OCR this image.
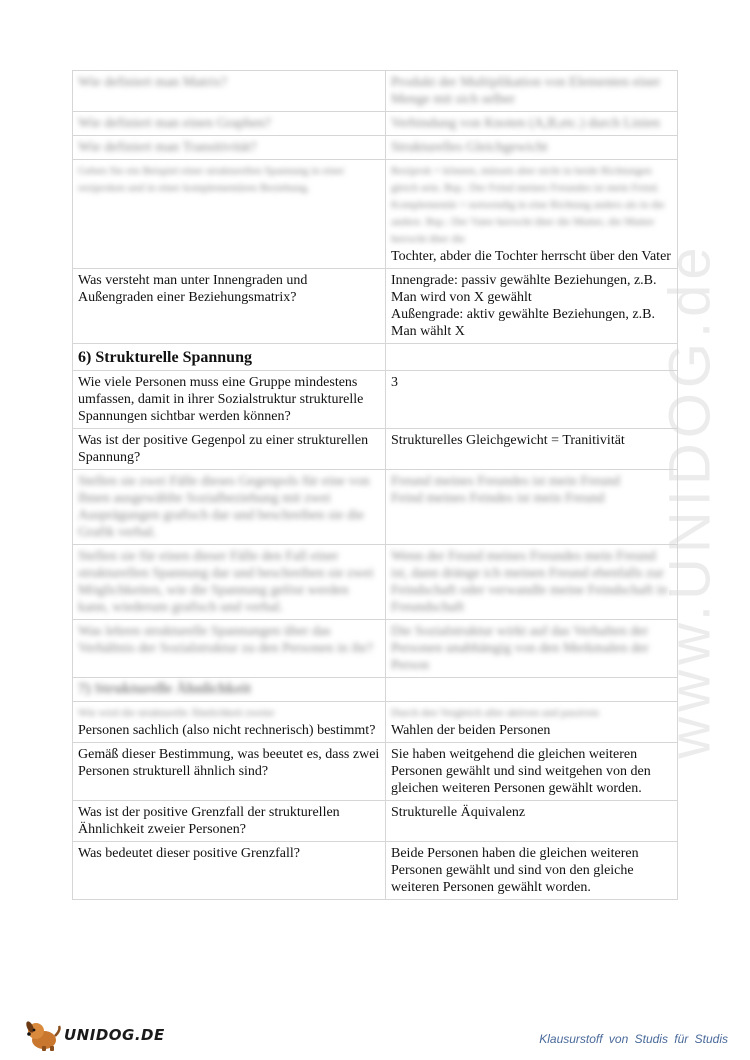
www.UNIDOG.de
Wie definiert man Matrix?	Produkt der Multiplikation von Elementen einer Menge mit sich selber
Wie definiert man einen Graphen?	Verbindung von Knoten (A,B,etc.) durch Linien
Wie definiert man Transitivität?	Strukturelles Gleichgewicht

Geben Sie ein Beispiel einer strukturellen Spannung in einer reziproken und in einer komplementären Beziehung.	Reziprok = können, müssen aber nicht in beide Richtungen gleich sein. Bsp.: Der Feind meines Freundes ist mein Feind. Komplementär = notwendig in eine Richtung anders als in die andere. Bsp.: Der Vater herrscht über die Mutter, die Mutter herrscht über die
Tochter, abder die Tochter herrscht über den Vater

Was versteht man unter Innengraden und Außengraden einer Beziehungsmatrix?	Innengrade: passiv gewählte Beziehungen, z.B. Man wird von X gewählt
Außengrade: aktiv gewählte Beziehungen, z.B. Man wählt X

6) Strukturelle Spannung	
Wie viele Personen muss eine Gruppe mindestens umfassen, damit in ihrer Sozialstruktur strukturelle Spannungen sichtbar werden können?	3
Was ist der positive Gegenpol zu einer strukturellen Spannung?	Strukturelles Gleichgewicht = Tranitivität
Stellen sie zwei Fälle dieses Gegenpols für eine von Ihnen ausgewählte Sozialbeziehung mit zwei Ausprägungen grafisch dar und beschreiben sie die Grafik verbal.	Freund meines Freundes ist mein Freund
Feind meines Feindes ist mein Freund

Stellen sie für einen dieser Fälle den Fall einer strukturellen Spannung dar und beschreiben sie zwei Möglichkeiten, wie die Spannung gelöst werden kann, wiederum grafisch und verbal.	Wenn der Feund meines Freundes mein Freund ist, dann dränge ich meinen Freund ebenfalls zur Feindschaft oder verwandle meine Feindschaft in Freundschaft
Was lehren strukturelle Spannungen über das Verhältnis der Sozialstruktur zu den Personen in ihr?	Die Sozialstruktur wirkt auf das Verhalten der Personen unabhängig von den Merkmalen der Person
7) Strukturelle Ähnlichkeit	

Wie wird die strukturelle Ähnlichkeit zweier
Personen sachlich (also nicht rechnerisch) bestimmt?	Durch den Vergleich aller aktiven und passiven
Wahlen der beiden Personen

Gemäß dieser Bestimmung, was beeutet es, dass zwei Personen strukturell ähnlich sind?	Sie haben weitgehend die gleichen weiteren Personen gewählt und sind weitgehen von den gleichen weiteren Personen gewählt worden.
Was ist der positive Grenzfall der strukturellen Ähnlichkeit zweier Personen?	Strukturelle Äquivalenz
Was bedeutet dieser positive Grenzfall?	Beide Personen haben die gleichen weiteren Personen gewählt und sind von den gleiche weiteren Personen gewählt worden.
UNIDOG.DE	Klausurstoff von Studis für Studis
